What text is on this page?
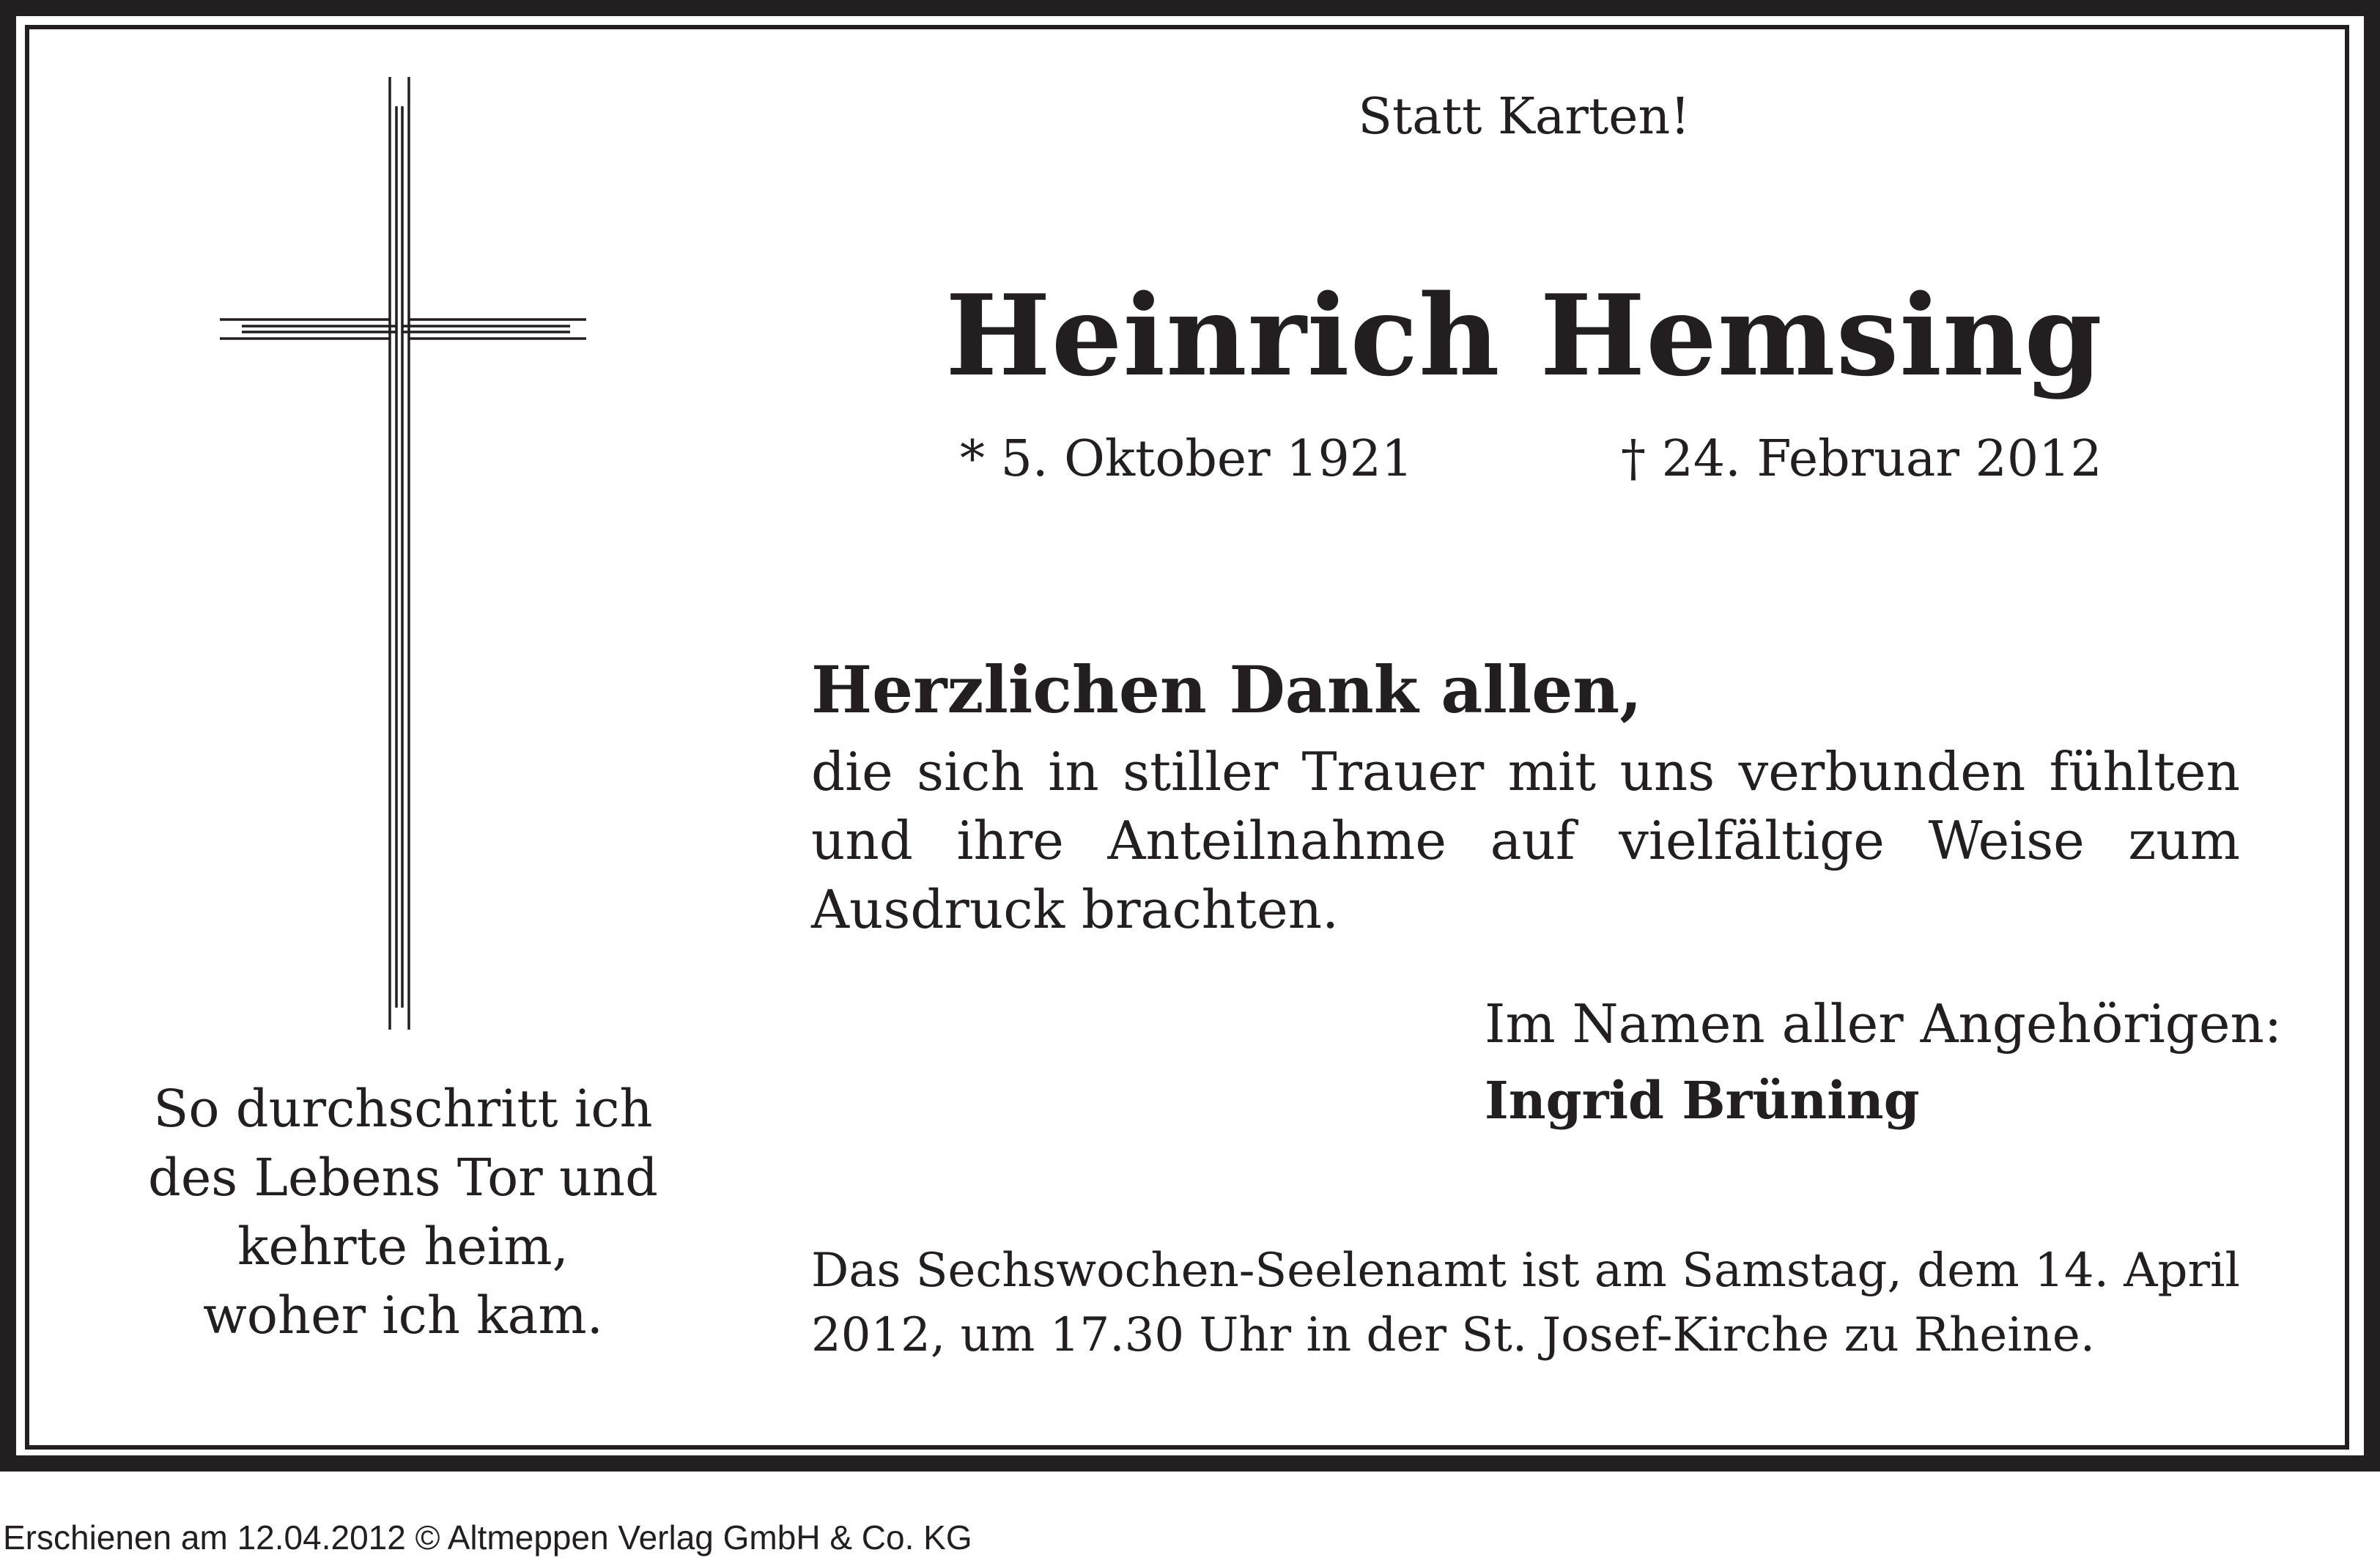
Statt Karten!
Heinrich Hemsing
* 5. Oktober 1921	† 24. Februar 2012
Herzlichen Dank allen,
die sich in stiller Trauer mit uns verbunden fühlten und ihre Anteilnahme auf vielfältige Weise zum Ausdruck brachten.
Im Namen aller Angehörigen:
Ingrid Brüning
So durchschritt ich
des Lebens Tor und
kehrte heim,
woher ich kam.
Das Sechswochen-Seelenamt ist am Samstag, dem 14. April 2012, um 17.30 Uhr in der St. Josef-Kirche zu Rheine.
Erschienen am 12.04.2012 © Altmeppen Verlag GmbH & Co. KG
